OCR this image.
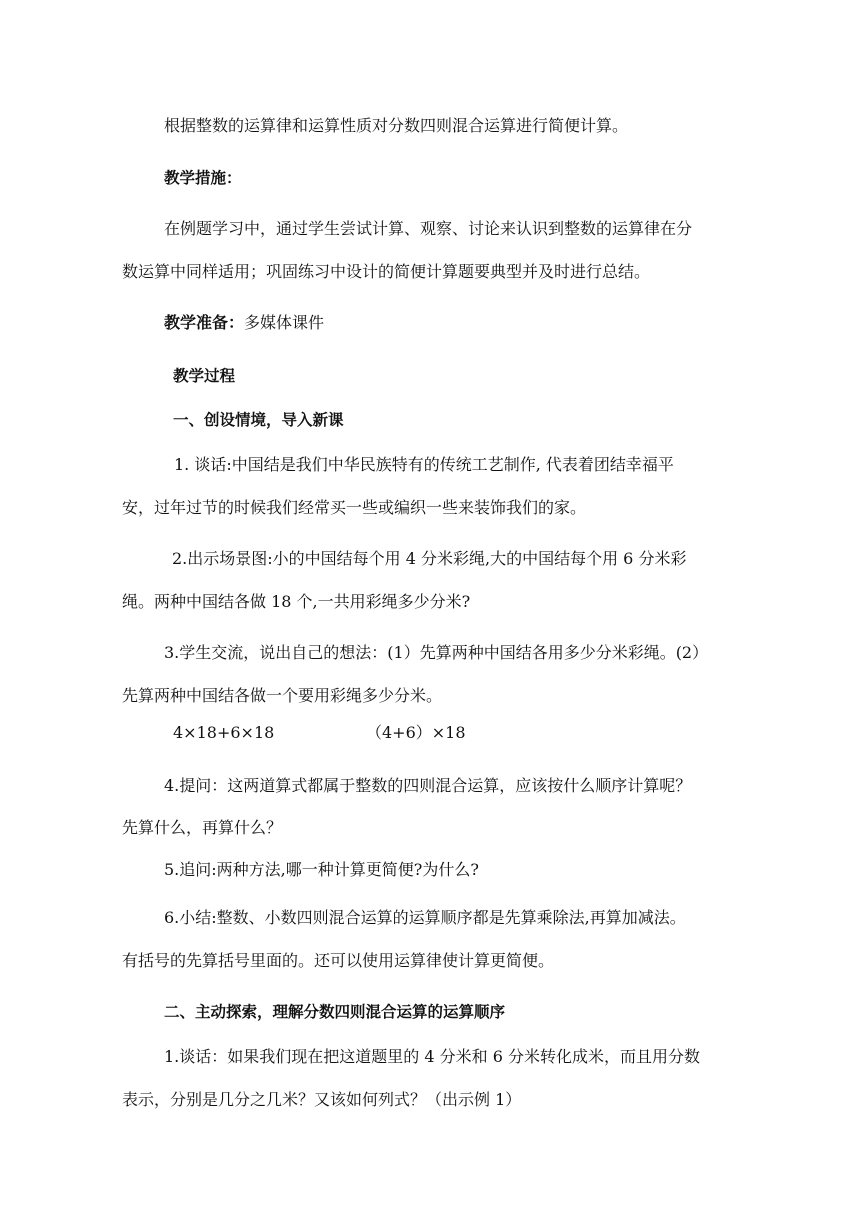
根据整数的运算律和运算性质对分数四则混合运算进行简便计算。
教学措施：
在例题学习中，通过学生尝试计算、观察、讨论来认识到整数的运算律在分
数运算中同样适用；巩固练习中设计的简便计算题要典型并及时进行总结。
教学准备：多媒体课件
教学过程
一、创设情境，导入新课
1. 谈话:中国结是我们中华民族特有的传统工艺制作, 代表着团结幸福平
安，过年过节的时候我们经常买一些或编织一些来装饰我们的家。
2.出示场景图:小的中国结每个用 4 分米彩绳,大的中国结每个用 6 分米彩
绳。两种中国结各做 18 个,一共用彩绳多少分米?
3.学生交流，说出自己的想法：(1）先算两种中国结各用多少分米彩绳。(2）
先算两种中国结各做一个要用彩绳多少分米。
4×18+6×18	（4+6）×18
4.提问：这两道算式都属于整数的四则混合运算，应该按什么顺序计算呢？
先算什么，再算什么？
5.追问:两种方法,哪一种计算更简便?为什么?
6.小结:整数、小数四则混合运算的运算顺序都是先算乘除法,再算加减法。
有括号的先算括号里面的。还可以使用运算律使计算更简便。
二、主动探索，理解分数四则混合运算的运算顺序
1.谈话：如果我们现在把这道题里的 4 分米和 6 分米转化成米，而且用分数
表示，分别是几分之几米？又该如何列式？（出示例 1）
